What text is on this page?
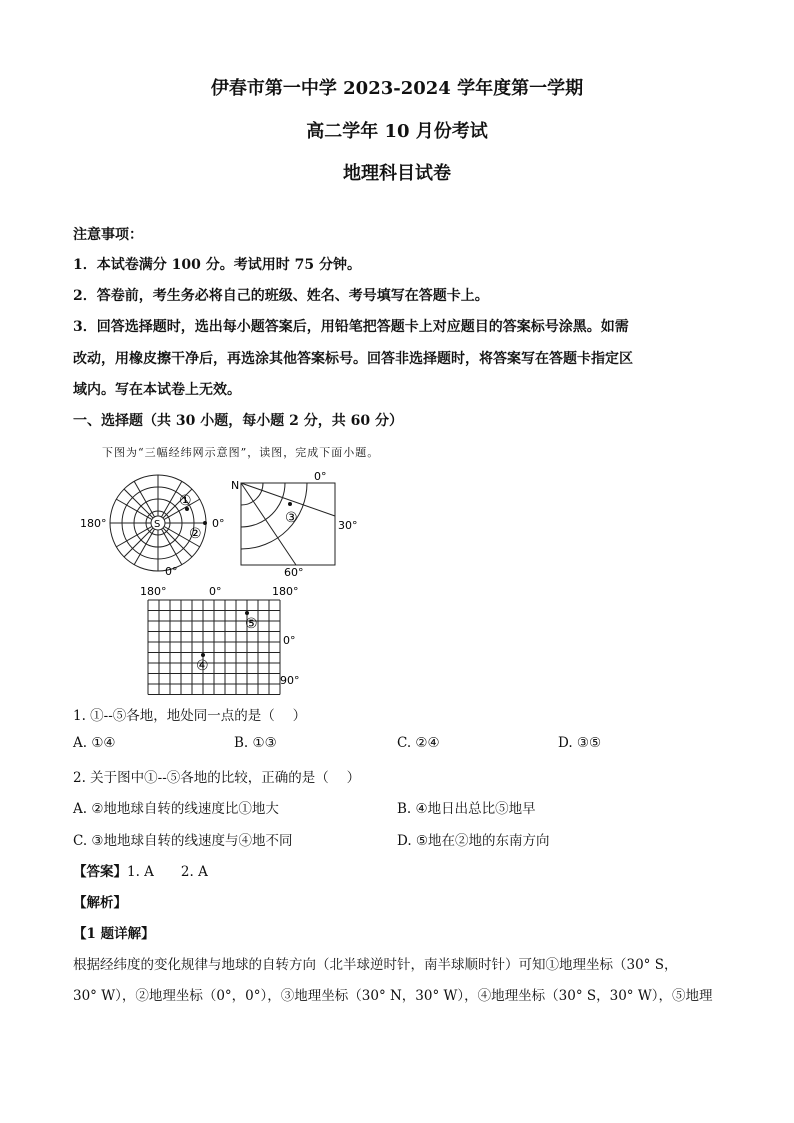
伊春市第一中学 2023-2024 学年度第一学期
高二学年 10 月份考试
地理科目试卷
注意事项：
1．本试卷满分 100 分。考试用时 75 分钟。
2．答卷前，考生务必将自己的班级、姓名、考号填写在答题卡上。
3．回答选择题时，选出每小题答案后，用铅笔把答题卡上对应题目的答案标号涂黑。如需
改动，用橡皮擦干净后，再选涂其他答案标号。回答非选择题时，将答案写在答题卡指定区
域内。写在本试卷上无效。
一、选择题（共 30 小题，每小题 2 分，共 60 分）
下图为“三幅经纬网示意图”，读图，完成下面小题。
S
①
②
180°	0°
0°
N
0°
30°
60°
③
180°	0°	180°
0°
90°
⑤
④
1. ①--⑤各地，地处同一点的是（　 ）
A. ①④	B. ①③	C. ②④	D. ③⑤
2. 关于图中①--⑤各地的比较，正确的是（　 ）
A. ②地地球自转的线速度比①地大	B. ④地日出总比⑤地早
C. ③地地球自转的线速度与④地不同	D. ⑤地在②地的东南方向
【答案】1. A　　2. A
【解析】
【1 题详解】
根据经纬度的变化规律与地球的自转方向（北半球逆时针，南半球顺时针）可知①地理坐标（30° S，
30° W），②地理坐标（0°，0°），③地理坐标（30° N，30° W），④地理坐标（30° S，30° W），⑤地理
